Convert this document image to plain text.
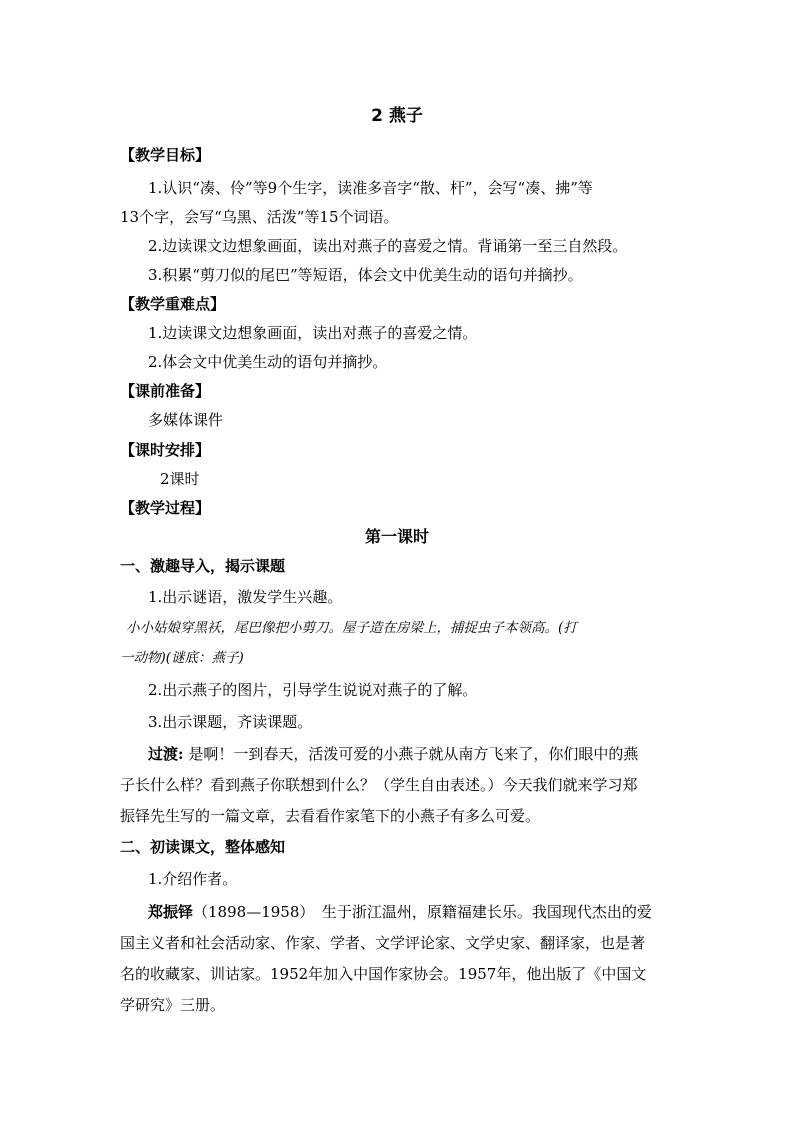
2 燕子
【教学目标】
1.认识“凑、伶”等9个生字，读准多音字“散、杆”，会写“凑、拂”等
13个字，会写“乌黑、活泼”等15个词语。
2.边读课文边想象画面，读出对燕子的喜爱之情。背诵第一至三自然段。
3.积累“剪刀似的尾巴”等短语，体会文中优美生动的语句并摘抄。
【教学重难点】
1.边读课文边想象画面，读出对燕子的喜爱之情。
2.体会文中优美生动的语句并摘抄。
【课前准备】
多媒体课件
【课时安排】
2课时
【教学过程】
第一课时
一、激趣导入，揭示课题
1.出示谜语，激发学生兴趣。
小小姑娘穿黑袄，尾巴像把小剪刀。屋子造在房梁上，捕捉虫子本领高。(打
一动物)(谜底：燕子)
2.出示燕子的图片，引导学生说说对燕子的了解。
3.出示课题，齐读课题。
过渡: 是啊！一到春天，活泼可爱的小燕子就从南方飞来了，你们眼中的燕
子长什么样？看到燕子你联想到什么？（学生自由表述。）今天我们就来学习郑
振铎先生写的一篇文章，去看看作家笔下的小燕子有多么可爱。
二、初读课文，整体感知
1.介绍作者。
郑振铎（1898—1958）　生于浙江温州，原籍福建长乐。我国现代杰出的爱
国主义者和社会活动家、作家、学者、文学评论家、文学史家、翻译家，也是著
名的收藏家、训诂家。1952年加入中国作家协会。1957年，他出版了《中国文
学研究》三册。
